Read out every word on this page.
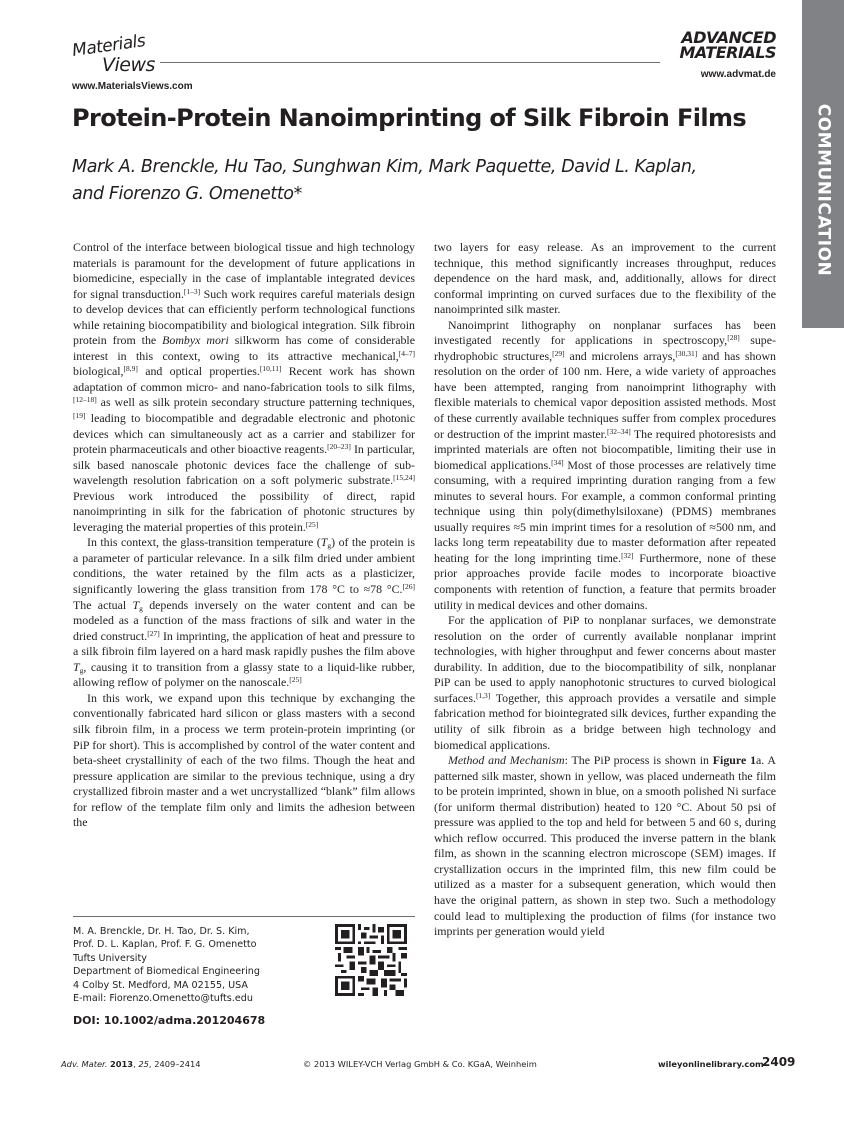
Materials
Views
www.MaterialsViews.com
ADVANCED
MATERIALS
www.advmat.de
COMMUNICATION
Protein-Protein Nanoimprinting of Silk Fibroin Films
Mark A. Brenckle, Hu Tao, Sunghwan Kim, Mark Paquette, David L. Kaplan,
and Fiorenzo G. Omenetto*

Control of the interface between biological tissue and high technology materials is paramount for the development of future applications in biomedicine, especially in the case of implantable integrated devices for signal transduction.[1–3] Such work requires careful materials design to develop devices that can efficiently perform technological functions while retaining biocompatibility and biological integration. Silk fibroin protein from the Bombyx mori silkworm has come of considerable interest in this context, owing to its attractive mechanical,[4–7] biological,[8,9] and optical properties.[10,11] Recent work has shown adaptation of common micro- and nano-fabrication tools to silk films,[12–18] as well as silk protein secondary structure patterning techniques,[19] leading to biocompatible and degradable electronic and photonic devices which can simultaneously act as a carrier and stabilizer for protein pharmaceuticals and other bioactive reagents.[20–23] In particular, silk based nanoscale photonic devices face the challenge of sub-wavelength resolution fabrication on a soft polymeric substrate.[15,24] Previous work introduced the possibility of direct, rapid nanoimprinting in silk for the fabrication of photonic structures by leveraging the material properties of this protein.[25]

In this context, the glass-transition temperature $(T_g)$ of the protein is a parameter of particular relevance. In a silk film dried under ambient conditions, the water retained by the film acts as a plasticizer, significantly lowering the glass transition from 178 °C to ≈78 °C.[26] The actual $T_g$ depends inversely on the water content and can be modeled as a function of the mass fractions of silk and water in the dried construct.[27] In imprinting, the application of heat and pressure to a silk fibroin film layered on a hard mask rapidly pushes the film above $T_g$, causing it to transition from a glassy state to a liquid-like rubber, allowing reflow of polymer on the nanoscale.[25]

In this work, we expand upon this technique by exchanging the conventionally fabricated hard silicon or glass masters with a second silk fibroin film, in a process we term protein-protein imprinting (or PiP for short). This is accomplished by control of the water content and beta-sheet crystallinity of each of the two films. Though the heat and pressure application are similar to the previous technique, using a dry crystallized fibroin master and a wet uncrystallized “blank” film allows for reflow of the template film only and limits the adhesion between the

two layers for easy release. As an improvement to the current technique, this method significantly increases throughput, reduces dependence on the hard mask, and, additionally, allows for direct conformal imprinting on curved surfaces due to the flexibility of the nanoimprinted silk master.

Nanoimprint lithography on nonplanar surfaces has been investigated recently for applications in spectroscopy,[28] superhydrophobic structures,[29] and microlens arrays,[30,31] and has shown resolution on the order of 100 nm. Here, a wide variety of approaches have been attempted, ranging from nanoimprint lithography with flexible materials to chemical vapor deposition assisted methods. Most of these currently available techniques suffer from complex procedures or destruction of the imprint master.[32–34] The required photoresists and imprinted materials are often not biocompatible, limiting their use in biomedical applications.[34] Most of those processes are relatively time consuming, with a required imprinting duration ranging from a few minutes to several hours. For example, a common conformal printing technique using thin poly(dimethylsiloxane) (PDMS) membranes usually requires ≈5 min imprint times for a resolution of ≈500 nm, and lacks long term repeatability due to master deformation after repeated heating for the long imprinting time.[32] Furthermore, none of these prior approaches provide facile modes to incorporate bioactive components with retention of function, a feature that permits broader utility in medical devices and other domains.

For the application of PiP to nonplanar surfaces, we demonstrate resolution on the order of currently available nonplanar imprint technologies, with higher throughput and fewer concerns about master durability. In addition, due to the biocompatibility of silk, nonplanar PiP can be used to apply nanophotonic structures to curved biological surfaces.[1,3] Together, this approach provides a versatile and simple fabrication method for biointegrated silk devices, further expanding the utility of silk fibroin as a bridge between high technology and biomedical applications.

Method and Mechanism: The PiP process is shown in Figure 1a. A patterned silk master, shown in yellow, was placed underneath the film to be protein imprinted, shown in blue, on a smooth polished Ni surface (for uniform thermal distribution) heated to 120 °C. About 50 psi of pressure was applied to the top and held for between 5 and 60 s, during which reflow occurred. This produced the inverse pattern in the blank film, as shown in the scanning electron microscope (SEM) images. If crystallization occurs in the imprinted film, this new film could be utilized as a master for a subsequent generation, which would then have the original pattern, as shown in step two. Such a methodology could lead to multiplexing the production of films (for instance two imprints per generation would yield

M. A. Brenckle, Dr. H. Tao, Dr. S. Kim,
Prof. D. L. Kaplan, Prof. F. G. Omenetto
Tufts University
Department of Biomedical Engineering
4 Colby St. Medford, MA 02155, USA
E-mail: Fiorenzo.Omenetto@tufts.edu
DOI: 10.1002/adma.201204678
Adv. Mater. 2013, 25, 2409–2414	© 2013 WILEY-VCH Verlag GmbH & Co. KGaA, Weinheim	wileyonlinelibrary.com
2409
